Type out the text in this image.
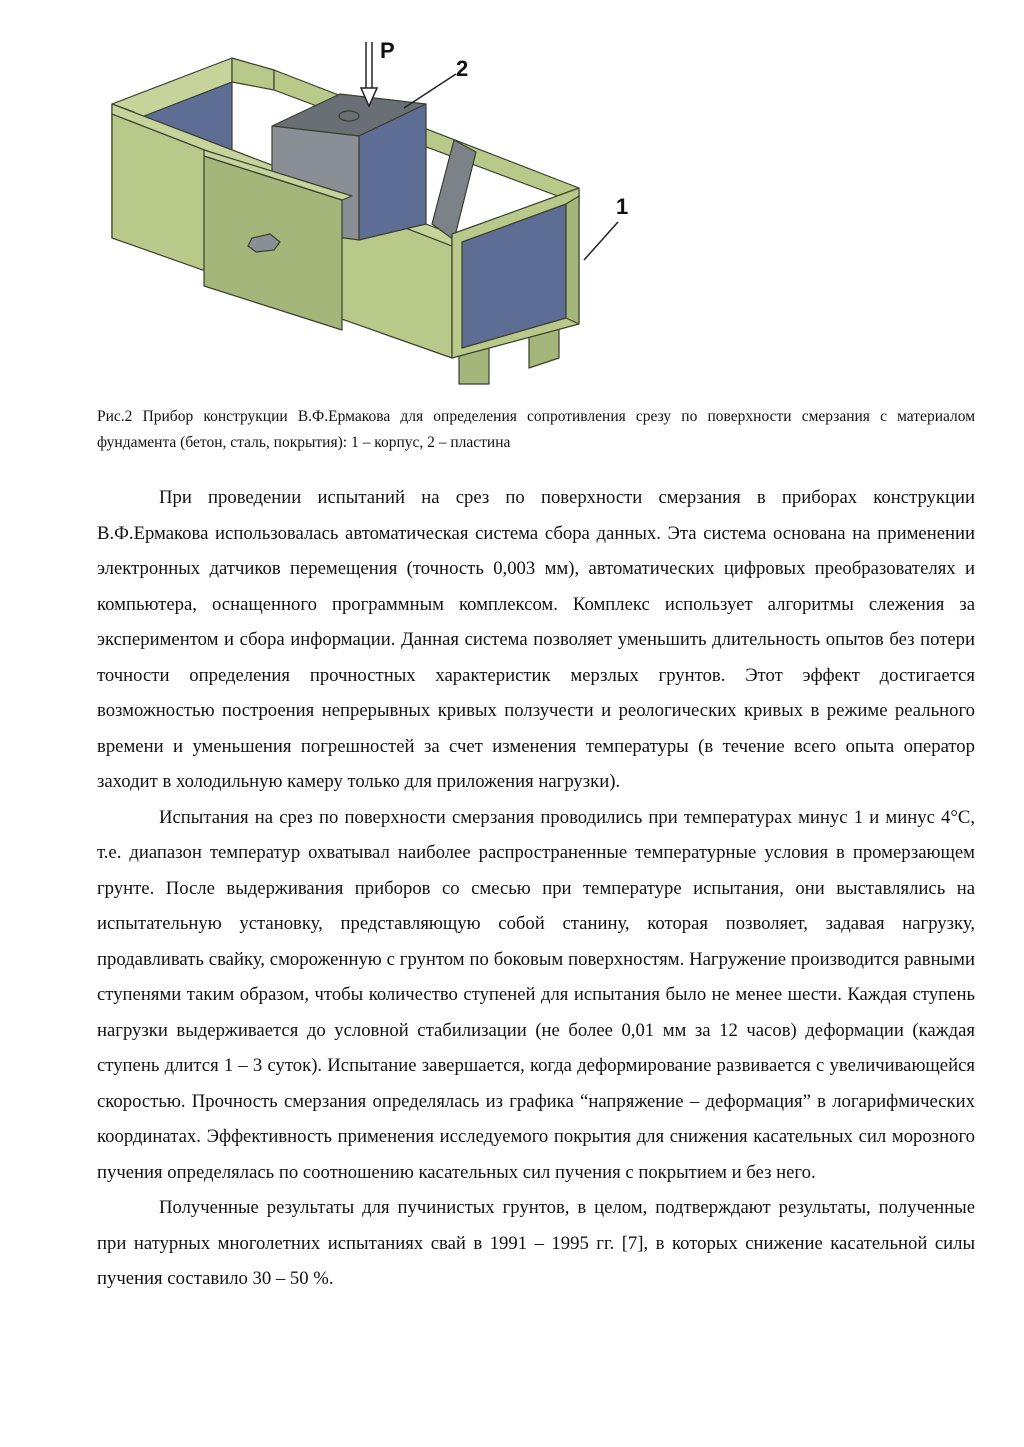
P
2
1

Рис.2 Прибор конструкции В.Ф.Ермакова для определения сопротивления срезу по поверхности смерзания с материалом фундамента (бетон, сталь, покрытия): 1 – корпус, 2 – пластина

При проведении испытаний на срез по поверхности смерзания в приборах конструкции В.Ф.Ермакова использовалась автоматическая система сбора данных. Эта система основана на применении электронных датчиков перемещения (точность 0,003 мм), автоматических цифровых преобразователях и компьютера, оснащенного программным комплексом. Комплекс использует алгоритмы слежения за экспериментом и сбора информации. Данная система позволяет уменьшить длительность опытов без потери точности определения прочностных характеристик мерзлых грунтов. Этот эффект достигается возможностью построения непрерывных кривых ползучести и реологических кривых в режиме реального времени и уменьшения погрешностей за счет изменения температуры (в течение всего опыта оператор заходит в холодильную камеру только для приложения нагрузки).

Испытания на срез по поверхности смерзания проводились при температурах минус 1 и минус 4°С, т.е. диапазон температур охватывал наиболее распространенные температурные условия в промерзающем грунте. После выдерживания приборов со смесью при температуре испытания, они выставлялись на испытательную установку, представляющую собой станину, которая позволяет, задавая нагрузку, продавливать свайку, смороженную с грунтом по боковым поверхностям. Нагружение производится равными ступенями таким образом, чтобы количество ступеней для испытания было не менее шести. Каждая ступень нагрузки выдерживается до условной стабилизации (не более 0,01 мм за 12 часов) деформации (каждая ступень длится 1 – 3 суток). Испытание завершается, когда деформирование развивается с увеличивающейся скоростью. Прочность смерзания определялась из графика “напряжение – деформация” в логарифмических координатах. Эффективность применения исследуемого покрытия для снижения касательных сил морозного пучения определялась по соотношению касательных сил пучения с покрытием и без него.

Полученные результаты для пучинистых грунтов, в целом, подтверждают результаты, полученные при натурных многолетних испытаниях свай в 1991 – 1995 гг. [7], в которых снижение касательной силы пучения составило 30 – 50 %.
